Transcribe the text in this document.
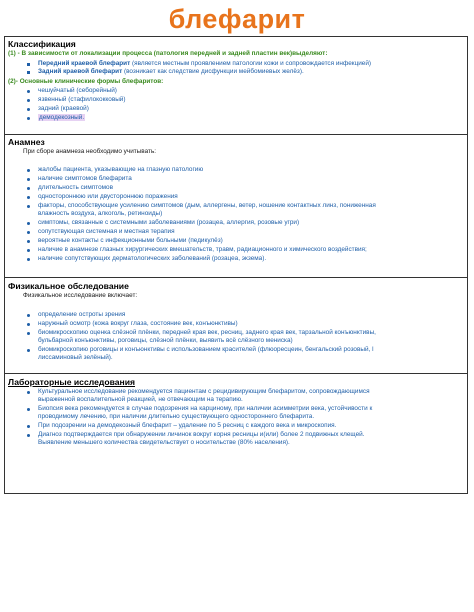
блефарит
Классификация
(1) - В зависимости от локализации процесса (патология передней и задней пластин век)выделяют:
Передний краевой блефарит (является местным проявлением патологии кожи и сопровождается инфекцией)
Задний краевой блефарит (возникает как следствие дисфункции мейбомиевых желёз).
(2)- Основные клинические формы блефаритов:
чешуйчатый (себорейный)
язвенный (стафилококковый)
задний (краевой)
демодекозный.
Анамнез
При сборе анамнеза необходимо учитывать:
жалобы пациента, указывающие на глазную патологию
наличие симптомов блефарита
длительность симптомов
одностороннюю или двустороннюю поражения
факторы, способствующие усилению симптомов (дым, аллергены, ветер, ношение контактных линз, пониженная
влажность воздуха, алкоголь, ретиноиды)
симптомы, связанные с системными заболеваниями (розацеа, аллергия, розовые угри)
сопутствующая системная и местная терапия
вероятные контакты с инфекционными больными (педикулёз)
наличие в анамнезе глазных хирургических вмешательств, травм, радиационного и химического воздействия;
наличие сопутствующих дерматологических заболеваний (розацеа, экзема).
Физикальное обследование
Физикальное исследование включает:
определение остроты зрения
наружный осмотр (кожа вокруг глаза, состояние век, конъюнктивы)
биомикроскопию оценка слёзной плёнки, передней края век, ресниц, заднего края век, тарзальной конъюнктивы,
бульбарной конъюнктивы, роговицы, слёзной плёнки, выявить всё слёзного мениска)
биомикроскопию роговицы и конъюнктивы с использованием красителей (флюоресцеин, бенгальский розовый, l
лиссаминовый зелёный).
Лабораторные исследования
Культуральное исследование рекомендуется пациентам с рецидивирующим блефаритом, сопровождающимся
выраженной воспалительной реакцией, не отвечающим на терапию.
Биопсия века рекомендуется в случае подозрения на карциному, при наличии асимметрии века, устойчивости к
проводимому лечению, при наличии длительно существующего одностороннего блефарита.
При подозрении на демодекозный блефарит – удаление по 5 ресниц с каждого века и микроскопия.
Диагноз подтверждается при обнаружении личинок вокруг корня ресницы и(или) более 2 подвижных клещей.
Выявление меньшего количества свидетельствует о носительстве (80% населения).
